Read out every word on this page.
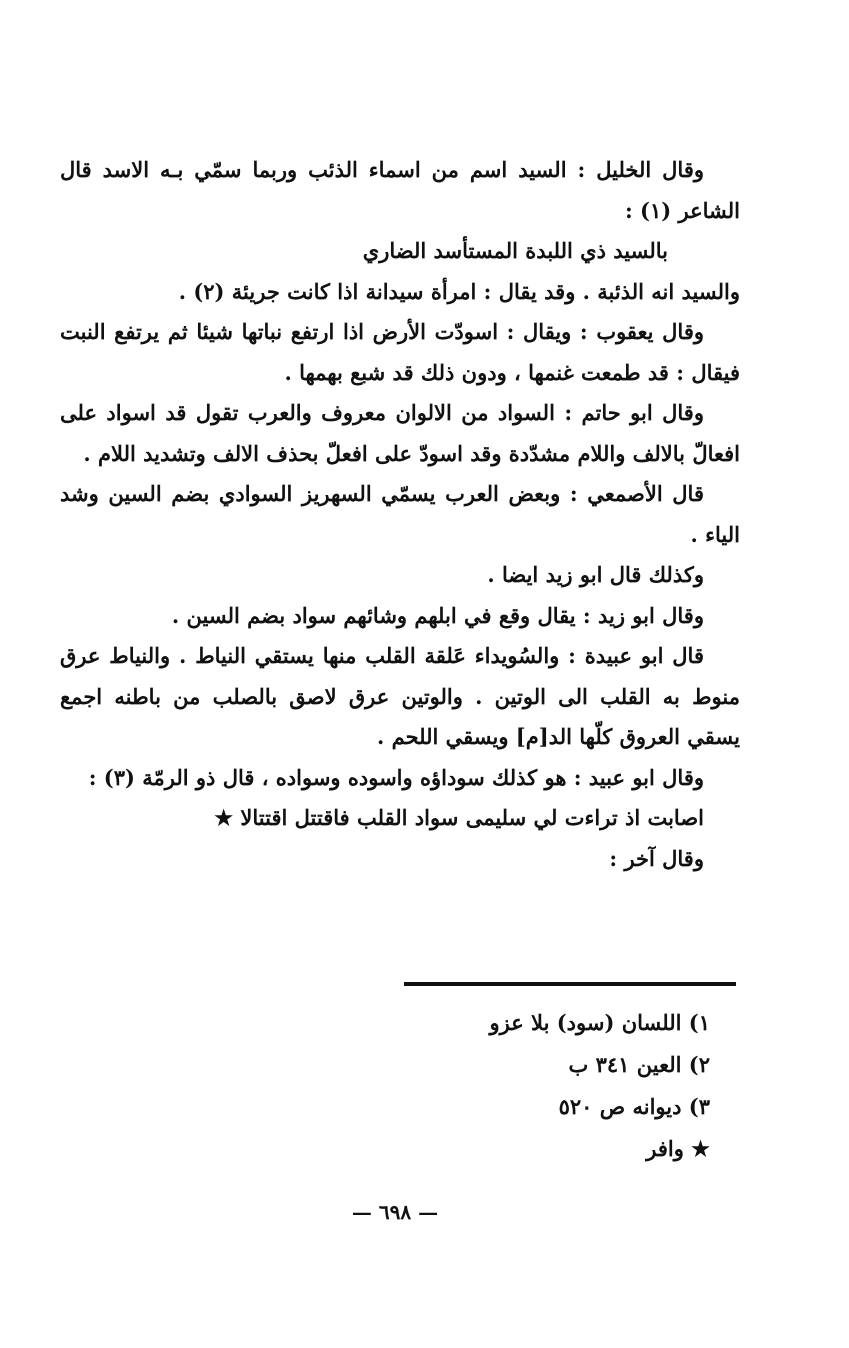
وقال الخليل : السيد اسم من اسماء الذئب وربما سمّي بـه الاسد قال الشاعر (١) :

بالسيد ذي اللبدة المستأسد الضاري

والسيد انه الذئبة . وقد يقال : امرأة سيدانة اذا كانت جريئة (٢) .

وقال يعقوب : ويقال : اسودّت الأرض اذا ارتفع نباتها شيئا ثم يرتفع النبت فيقال : قد طمعت غنمها ، ودون ذلك قد شبع بهمها .

وقال ابو حاتم : السواد من الالوان معروف والعرب تقول قد اسواد على افعالّ بالالف واللام مشدّدة وقد اسودّ على افعلّ بحذف الالف وتشديد اللام .

قال الأصمعي : وبعض العرب يسمّي السهريز السوادي بضم السين وشد الياء .

وكذلك قال ابو زيد ايضا .

وقال ابو زيد : يقال وقع في ابلهم وشائهم سواد بضم السين .

قال ابو عبيدة : والسُويداء عَلقة القلب منها يستقي النياط . والنياط عرق منوط به القلب الى الوتين . والوتين عرق لاصق بالصلب من باطنه اجمع يسقي العروق كلّها الد[م] ويسقي اللحم .

وقال ابو عبيد : هو كذلك سوداؤه واسوده وسواده ، قال ذو الرمّة (٣) :

اصابت اذ تراءت لي سليمى سواد القلب فاقتتل اقتتالا ★

وقال آخر :

١) اللسان (سود) بلا عزو

٢) العين ٣٤١ ب

٣) ديوانه ص ٥٢٠

★ وافر

— ٦٩٨ —
